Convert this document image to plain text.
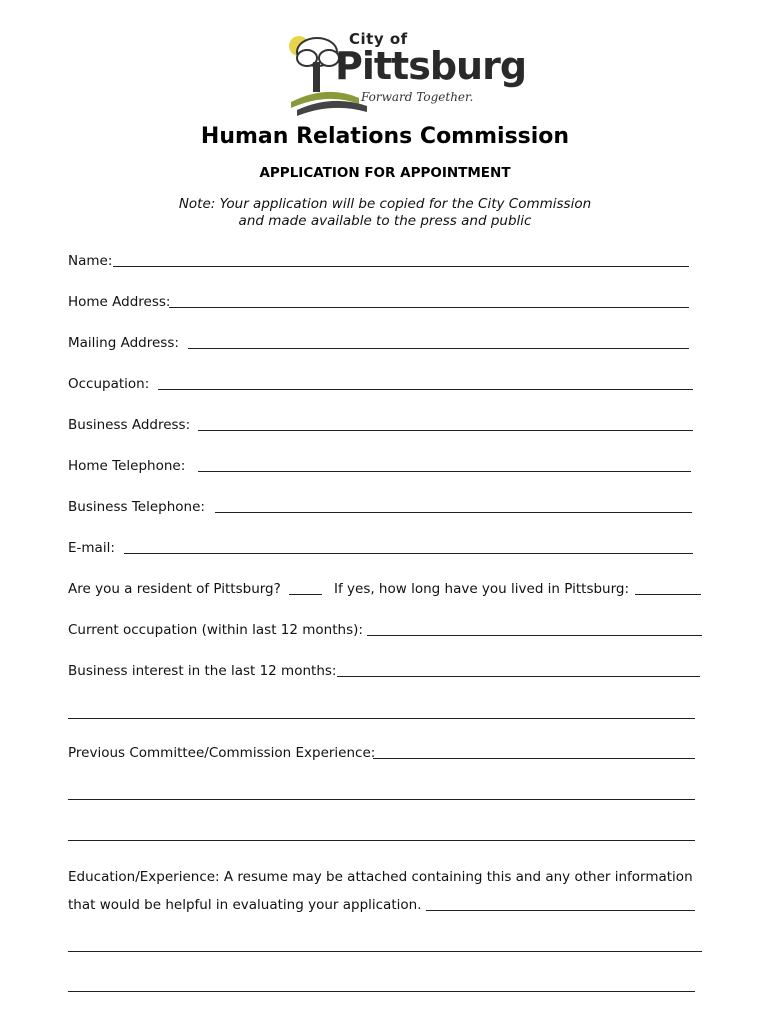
City of
Pittsburg
Forward Together.
Human Relations Commission
APPLICATION FOR APPOINTMENT
Note: Your application will be copied for the City Commission
and made available to the press and public
Name:
Home Address:
Mailing Address:
Occupation:
Business Address:
Home Telephone:
Business Telephone:
E-mail:
Are you a resident of Pittsburg?	If yes, how long have you lived in Pittsburg:
Current occupation (within last 12 months):
Business interest in the last 12 months:
Previous Committee/Commission Experience:
Education/Experience: A resume may be attached containing this and any other information
that would be helpful in evaluating your application.
